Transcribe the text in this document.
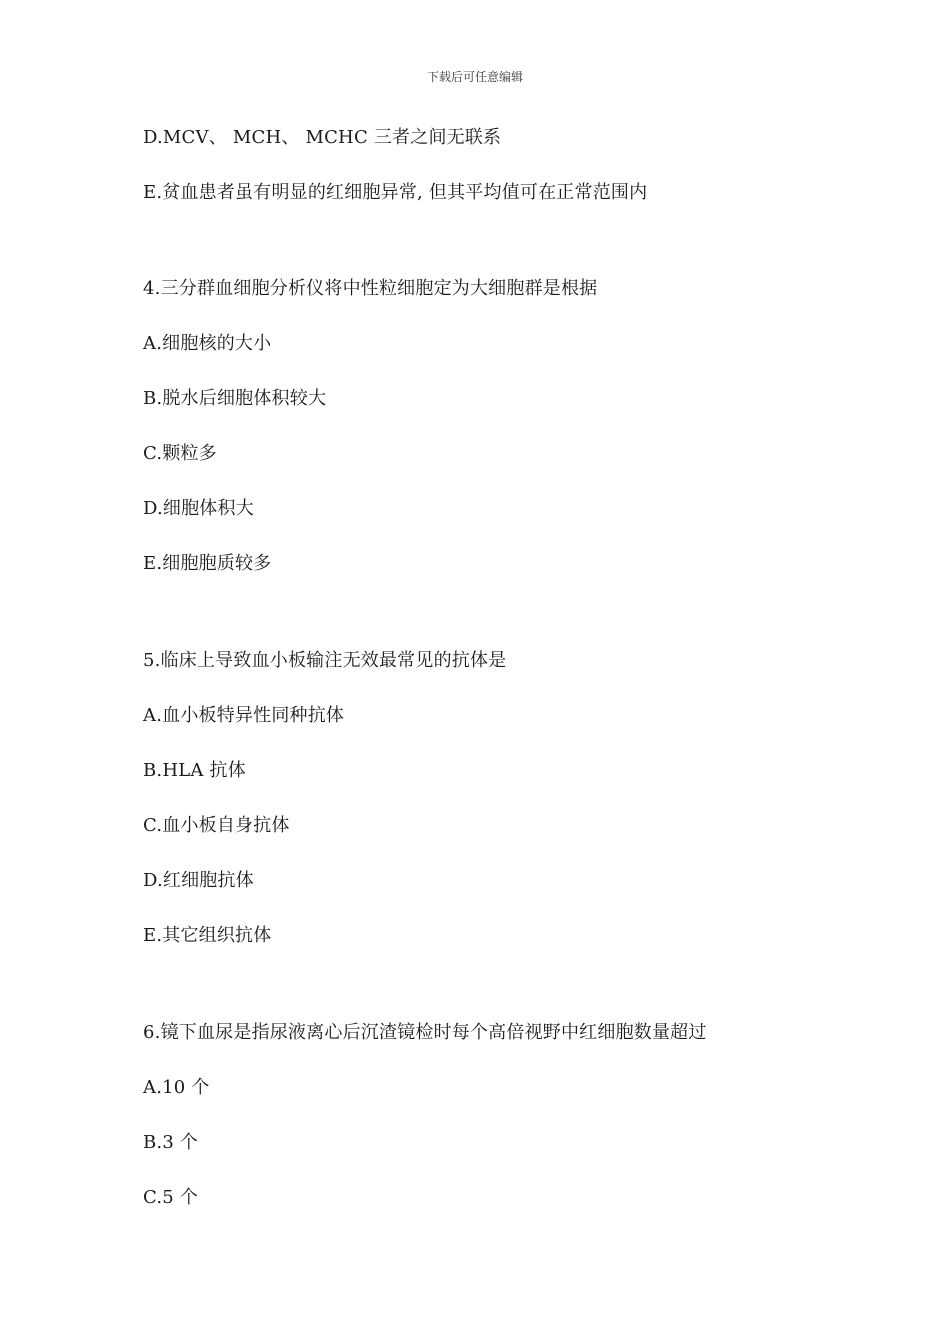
下载后可任意编辑
D.MCV、 MCH、 MCHC 三者之间无联系
E.贫血患者虽有明显的红细胞异常, 但其平均值可在正常范围内
4.三分群血细胞分析仪将中性粒细胞定为大细胞群是根据
A.细胞核的大小
B.脱水后细胞体积较大
C.颗粒多
D.细胞体积大
E.细胞胞质较多
5.临床上导致血小板输注无效最常见的抗体是
A.血小板特异性同种抗体
B.HLA 抗体
C.血小板自身抗体
D.红细胞抗体
E.其它组织抗体
6.镜下血尿是指尿液离心后沉渣镜检时每个高倍视野中红细胞数量超过
A.10 个
B.3 个
C.5 个
